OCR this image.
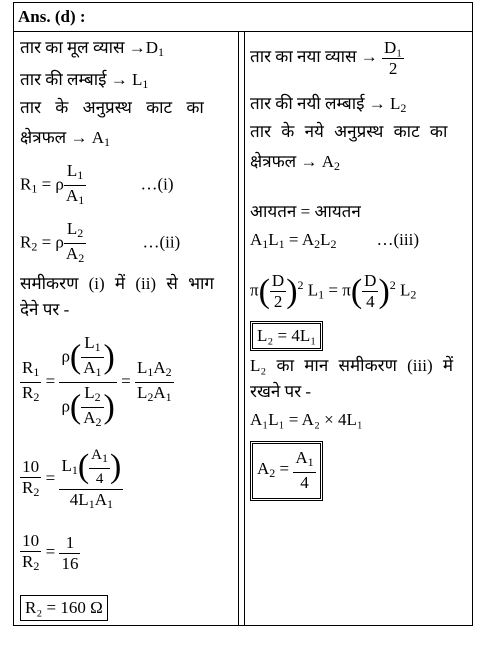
Ans. (d) :
तार का मूल व्यास $\to D_1$
तार की लम्बाई → $L_1$
तार के अनुप्रस्थ काट का
क्षेत्रफल → $A_1$
$R_1 = \rho \frac{L_1}{A_1}$	…(i)
$R_2 = \rho \frac{L_2}{A_2}$	…(ii)
समीकरण (i) में (ii) से भाग
देने पर -
$\frac{R_1}{R_2} = \frac{\rho( \frac{L_1}{A_1} )}{\rho( \frac{L_2}{A_2} )} = \frac{L_1A_2}{L_2A_1}$
$\frac{10}{R_2} = \frac{L_1( \frac{A_1}{4} )}{4L_1A_1}$
$\frac{10}{R_2} = \frac{1}{16}$
R₂ = 160 Ω
तार का नया व्यास → $\frac{\text{D₁}}{2}$
तार की नयी लम्बाई → $L_2$
तार के नये अनुप्रस्थ काट का
क्षेत्रफल → $A_2$
आयतन = आयतन
$A_1L_1 = A_2L_2$ …(iii)
$\pi( \frac{D}{2} )^2$ $L_1 = \pi( \frac{D}{4} )^2$ $L_2$
L₂ = 4L₁
L₂ का मान समीकरण (iii) में
रखने पर -
A₁L₁ = A₂ × 4L₁
$A_2 = \frac{A_1}{4}$
